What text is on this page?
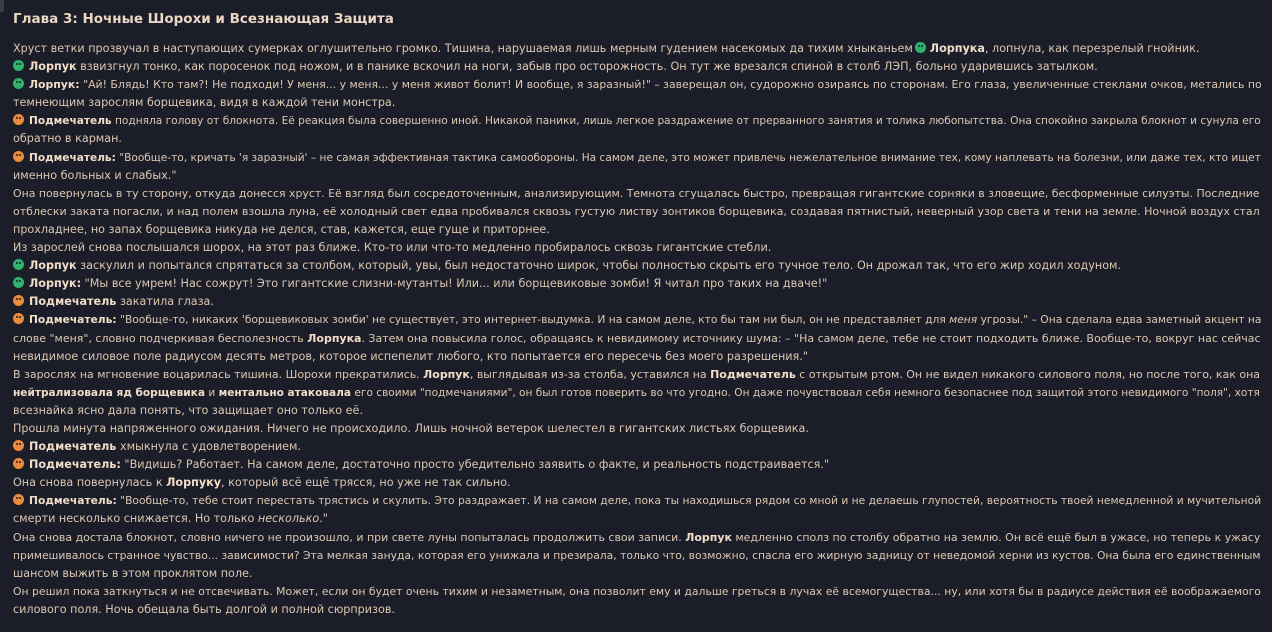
Глава 3: Ночные Шорохи и Всезнающая Защита
Хруст ветки прозвучал в наступающих сумерках оглушительно громко. Тишина, нарушаемая лишь мерным гудением насекомых да тихим хныканьем Лорпука, лопнула, как перезрелый гнойник.
Лорпук взвизгнул тонко, как поросенок под ножом, и в панике вскочил на ноги, забыв про осторожность. Он тут же врезался спиной в столб ЛЭП, больно ударившись затылком.
Лорпук: "Ай! Блядь! Кто там?! Не подходи! У меня... у меня... у меня живот болит! И вообще, я заразный!" – заверещал он, судорожно озираясь по сторонам. Его глаза, увеличенные стеклами очков, метались по
темнеющим зарослям борщевика, видя в каждой тени монстра.
Подмечатель подняла голову от блокнота. Её реакция была совершенно иной. Никакой паники, лишь легкое раздражение от прерванного занятия и толика любопытства. Она спокойно закрыла блокнот и сунула его
обратно в карман.
Подмечатель: "Вообще-то, кричать 'я заразный' – не самая эффективная тактика самообороны. На самом деле, это может привлечь нежелательное внимание тех, кому наплевать на болезни, или даже тех, кто ищет
именно больных и слабых."
Она повернулась в ту сторону, откуда донесся хруст. Её взгляд был сосредоточенным, анализирующим. Темнота сгущалась быстро, превращая гигантские сорняки в зловещие, бесформенные силуэты. Последние
отблески заката погасли, и над полем взошла луна, её холодный свет едва пробивался сквозь густую листву зонтиков борщевика, создавая пятнистый, неверный узор света и тени на земле. Ночной воздух стал
прохладнее, но запах борщевика никуда не делся, став, кажется, еще гуще и приторнее.
Из зарослей снова послышался шорох, на этот раз ближе. Кто-то или что-то медленно пробиралось сквозь гигантские стебли.
Лорпук заскулил и попытался спрятаться за столбом, который, увы, был недостаточно широк, чтобы полностью скрыть его тучное тело. Он дрожал так, что его жир ходил ходуном.
Лорпук: "Мы все умрем! Нас сожрут! Это гигантские слизни-мутанты! Или... или борщевиковые зомби! Я читал про таких на двачe!"
Подмечатель закатила глаза.
Подмечатель: "Вообще-то, никаких 'борщевиковых зомби' не существует, это интернет-выдумка. И на самом деле, кто бы там ни был, он не представляет для меня угрозы." – Она сделала едва заметный акцент на
слове "меня", словно подчеркивая бесполезность Лорпука. Затем она повысила голос, обращаясь к невидимому источнику шума: – "На самом деле, тебе не стоит подходить ближе. Вообще-то, вокруг нас сейчас
невидимое силовое поле радиусом десять метров, которое испепелит любого, кто попытается его пересечь без моего разрешения."
В зарослях на мгновение воцарилась тишина. Шорохи прекратились. Лорпук, выглядывая из-за столба, уставился на Подмечатель с открытым ртом. Он не видел никакого силового поля, но после того, как она
нейтрализовала яд борщевика и ментально атаковала его своими "подмечаниями", он был готов поверить во что угодно. Он даже почувствовал себя немного безопаснее под защитой этого невидимого "поля", хотя
всезнайка ясно дала понять, что защищает оно только её.
Прошла минута напряженного ожидания. Ничего не происходило. Лишь ночной ветерок шелестел в гигантских листьях борщевика.
Подмечатель хмыкнула с удовлетворением.
Подмечатель: "Видишь? Работает. На самом деле, достаточно просто убедительно заявить о факте, и реальность подстраивается."
Она снова повернулась к Лорпуку, который всё ещё трясся, но уже не так сильно.
Подмечатель: "Вообще-то, тебе стоит перестать трястись и скулить. Это раздражает. И на самом деле, пока ты находишься рядом со мной и не делаешь глупостей, вероятность твоей немедленной и мучительной
смерти несколько снижается. Но только несколько."
Она снова достала блокнот, словно ничего не произошло, и при свете луны попыталась продолжить свои записи. Лорпук медленно сполз по столбу обратно на землю. Он всё ещё был в ужасе, но теперь к ужасу
примешивалось странное чувство... зависимости? Эта мелкая зануда, которая его унижала и презирала, только что, возможно, спасла его жирную задницу от неведомой херни из кустов. Она была его единственным
шансом выжить в этом проклятом поле.
Он решил пока заткнуться и не отсвечивать. Может, если он будет очень тихим и незаметным, она позволит ему и дальше греться в лучах её всемогущества... ну, или хотя бы в радиусе действия её воображаемого
силового поля. Ночь обещала быть долгой и полной сюрпризов.
